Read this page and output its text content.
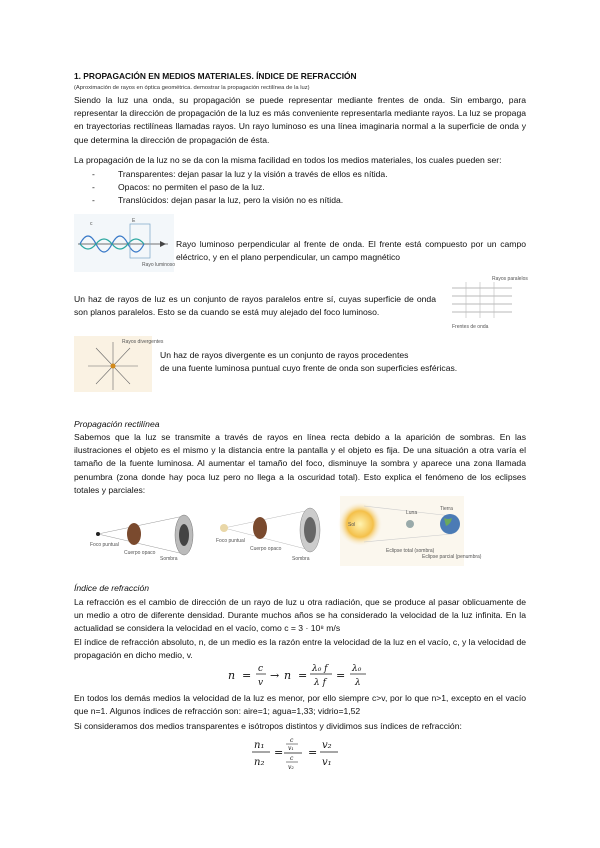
1. PROPAGACIÓN EN MEDIOS MATERIALES. ÍNDICE DE REFRACCIÓN
(Aproximación de rayos en óptica geométrica. demostrar la propagación rectilínea de la luz)
Siendo la luz una onda, su propagación se puede representar mediante frentes de onda. Sin embargo, para representar la dirección de propagación de la luz es más conveniente representarla mediante rayos. La luz se propaga en trayectorias rectilíneas llamadas rayos. Un rayo luminoso es una línea imaginaria normal a la superficie de onda y que determina la dirección de propagación de ésta.
La propagación de la luz no se da con la misma facilidad en todos los medios materiales, los cuales pueden ser:
-	Transparentes: dejan pasar la luz y la visión a través de ellos es nítida.
-	Opacos: no permiten el paso de la luz.
-	Translúcidos: dejan pasar la luz, pero la visión no es nítida.
c	E
Rayo luminoso
Rayo luminoso perpendicular al frente de onda. El frente está compuesto por un campo eléctrico, y en el plano perpendicular, un campo magnético
Un haz de rayos de luz es un conjunto de rayos paralelos entre sí, cuyas superficie de onda son planos paralelos. Esto se da cuando se está muy alejado del foco luminoso.
Rayos paralelos
Frentes de onda
Rayos divergentes
Un haz de rayos divergente es un conjunto de rayos procedentes
de una fuente luminosa puntual cuyo frente de onda son superficies esféricas.
Propagación rectilínea
Sabemos que la luz se transmite a través de rayos en línea recta debido a la aparición de sombras. En las ilustraciones el objeto es el mismo y la distancia entre la pantalla y el objeto es fija. De una situación a otra varía el tamaño de la fuente luminosa. Al aumentar el tamaño del foco, disminuye la sombra y aparece una zona llamada penumbra (zona donde hay poca luz pero no llega a la oscuridad total). Esto explica el fenómeno de los eclipses totales y parciales:
Foco puntual
Cuerpo opaco
Sombra
Foco puntual
Cuerpo opaco
Sombra
Sol
Luna
Tierra
Eclipse total (sombra)
Eclipse parcial (penumbra)
Índice de refracción
La refracción es el cambio de dirección de un rayo de luz u otra radiación, que se produce al pasar oblicuamente de un medio a otro de diferente densidad. Durante muchos años se ha considerado la velocidad de la luz infinita. En la actualidad se considera la velocidad en el vacío, como c = 3 · 10⁸ m/s
El índice de refracción absoluto, n, de un medio es la razón entre la velocidad de la luz en el vacío, c, y la velocidad de propagación en dicho medio, v.
n = c
v
→ n = λ₀ f
λ f
= λ₀
λ
En todos los demás medios la velocidad de la luz es menor, por ello siempre c>v, por lo que n>1, excepto en el vacío que n=1. Algunos índices de refracción son: aire=1; agua=1,33; vidrio=1,52
Si consideramos dos medios transparentes e isótropos distintos y dividimos sus índices de refracción:
n₁
n₂
=
c
v₁
c
v₂
=
v₂
v₁
